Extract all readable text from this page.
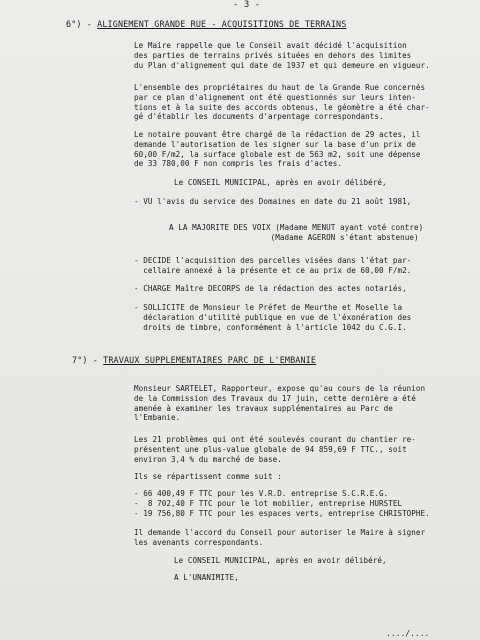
- 3 -
6°) - ALIGNEMENT GRANDE RUE - ACQUISITIONS DE TERRAINS
Le Maire rappelle que le Conseil avait décidé l'acquisition
des parties de terrains privés situées en dehors des limites
du Plan d'alignement qui date de 1937 et qui demeure en vigueur.
L'ensemble des propriétaires du haut de la Grande Rue concernés
par ce plan d'alignement ont été questionnés sur leurs inten-
tions et à la suite des accords obtenus, le géomètre a été char-
gé d'établir les documents d'arpentage correspondants.
Le notaire pouvant être chargé de la rédaction de 29 actes, il
demande l'autorisation de les signer sur la base d'un prix de
60,00 F/m2, la surface globale est de 563 m2, soit une dépense
de 33 780,00 F non compris les frais d'actes.
Le CONSEIL MUNICIPAL, après en avoir délibéré,
- VU l'avis du service des Domaines en date du 21 août 1981,
A LA MAJORITE DES VOIX (Madame MENUT ayant voté contre)
(Madame AGERON s'étant abstenue)
- DECIDE l'acquisition des parcelles visées dans l'état par-
cellaire annexé à la présente et ce au prix de 60,00 F/m2.
- CHARGE Maître DECORPS de la rédaction des actes notariés,
- SOLLICITE de Monsieur le Préfet de Meurthe et Moselle la
déclaration d'utilité publique en vue de l'éxonération des
droits de timbre, conformément à l'article 1042 du C.G.I.
7°) - TRAVAUX SUPPLEMENTAIRES PARC DE L'EMBANIE
Monsieur SARTELET, Rapporteur, expose qu'au cours de la réunion
de la Commission des Travaux du 17 juin, cette dernière a été
amenée à examiner les travaux supplémentaires au Parc de
l'Embanie.
Les 21 problèmes qui ont été soulevés courant du chantier re-
présentent une plus-value globale de 94 859,69 F TTC., soit
environ 3,4 % du marché de base.
Ils se répartissent comme suit :
- 66 400,49 F TTC pour les V.R.D. entreprise S.C.R.E.G.
-  8 702,40 F TTC pour le lot mobilier, entreprise HURSTEL
- 19 756,80 F TTC pour les espaces verts, entreprise CHRISTOPHE.
Il demande l'accord du Conseil pour autoriser le Maire à signer
les avenants correspondants.
Le CONSEIL MUNICIPAL, après en avoir délibéré,
A L'UNANIMITE,
..../....
